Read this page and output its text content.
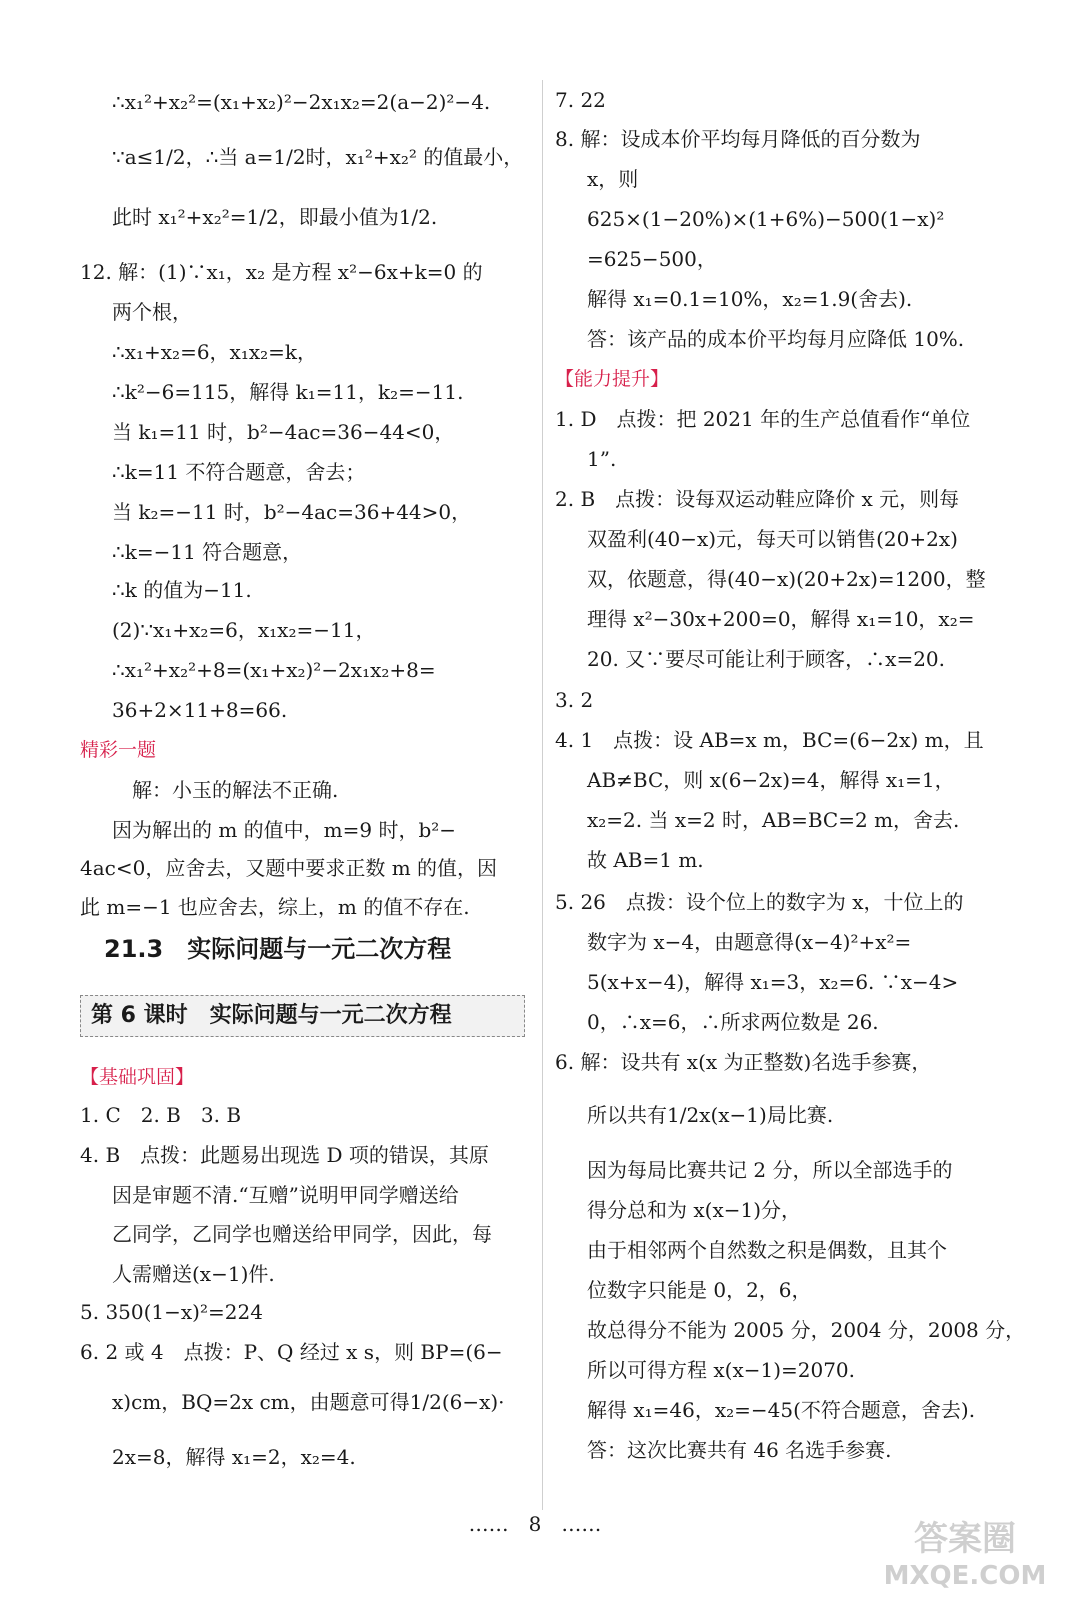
∴x₁²+x₂²=(x₁+x₂)²−2x₁x₂=2(a−2)²−4.
∵a≤1/2，∴当 a=1/2时，x₁²+x₂² 的值最小，
此时 x₁²+x₂²=1/2，即最小值为1/2.
12. 解：(1)∵x₁，x₂ 是方程 x²−6x+k=0 的
两个根，
∴x₁+x₂=6，x₁x₂=k，
∴k²−6=115，解得 k₁=11，k₂=−11.
当 k₁=11 时，b²−4ac=36−44<0，
∴k=11 不符合题意，舍去；
当 k₂=−11 时，b²−4ac=36+44>0，
∴k=−11 符合题意，
∴k 的值为−11.
(2)∵x₁+x₂=6，x₁x₂=−11，
∴x₁²+x₂²+8=(x₁+x₂)²−2x₁x₂+8=
36+2×11+8=66.
精彩一题
解：小玉的解法不正确.
因为解出的 m 的值中，m=9 时，b²−
4ac<0，应舍去，又题中要求正数 m 的值，因
此 m=−1 也应舍去，综上，m 的值不存在.
21.3　实际问题与一元二次方程
第 6 课时　实际问题与一元二次方程
【基础巩固】
1. C　2. B　3. B
4. B　点拨：此题易出现选 D 项的错误，其原
因是审题不清.“互赠”说明甲同学赠送给
乙同学，乙同学也赠送给甲同学，因此，每
人需赠送(x−1)件.
5. 350(1−x)²=224
6. 2 或 4　点拨：P、Q 经过 x s，则 BP=(6−
x)cm，BQ=2x cm，由题意可得1/2(6−x)·
2x=8，解得 x₁=2，x₂=4.
7. 22
8. 解：设成本价平均每月降低的百分数为
x，则
625×(1−20%)×(1+6%)−500(1−x)²
=625−500，
解得 x₁=0.1=10%，x₂=1.9(舍去).
答：该产品的成本价平均每月应降低 10%.
【能力提升】
1. D　点拨：把 2021 年的生产总值看作“单位
1”.
2. B　点拨：设每双运动鞋应降价 x 元，则每
双盈利(40−x)元，每天可以销售(20+2x)
双，依题意，得(40−x)(20+2x)=1200，整
理得 x²−30x+200=0，解得 x₁=10，x₂=
20. 又∵要尽可能让利于顾客，∴x=20.
3. 2
4. 1　点拨：设 AB=x m，BC=(6−2x) m，且
AB≠BC，则 x(6−2x)=4，解得 x₁=1，
x₂=2. 当 x=2 时，AB=BC=2 m，舍去.
故 AB=1 m.
5. 26　点拨：设个位上的数字为 x，十位上的
数字为 x−4，由题意得(x−4)²+x²=
5(x+x−4)，解得 x₁=3，x₂=6. ∵x−4>
0，∴x=6，∴所求两位数是 26.
6. 解：设共有 x(x 为正整数)名选手参赛，
所以共有1/2x(x−1)局比赛.
因为每局比赛共记 2 分，所以全部选手的
得分总和为 x(x−1)分，
由于相邻两个自然数之积是偶数，且其个
位数字只能是 0，2，6，
故总得分不能为 2005 分，2004 分，2008 分，
所以可得方程 x(x−1)=2070.
解得 x₁=46，x₂=−45(不符合题意，舍去).
答：这次比赛共有 46 名选手参赛.
……　8　……	答案圈
MXQE.COM
